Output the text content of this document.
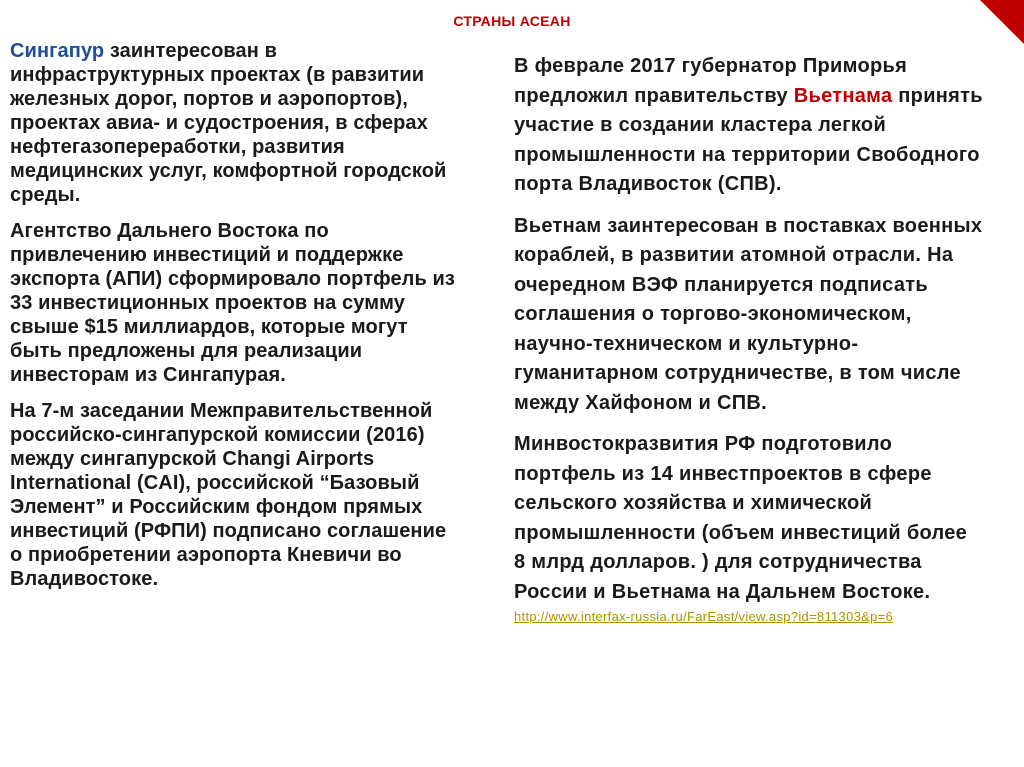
СТРАНЫ АСЕАН

Сингапур заинтересован в инфраструктурных проектах (в равзитии железных дорог, портов и аэропортов), проектах авиа- и судостроения, в сферах нефтегазопереработки, развития медицинских услуг, комфортной городской среды.

Агентство Дальнего Востока по привлечению инвестиций и поддержке экспорта (АПИ) сформировало портфель из 33 инвестиционных проектов на сумму свыше $15 миллиардов, которые могут быть предложены для реализации инвесторам из Сингапурая.

На 7-м заседании Межправительственной российско-сингапурской комиссии (2016) между сингапурской Changi Airports International (CAI), российской “Базовый Элемент” и Российским фондом прямых инвестиций (РФПИ) подписано соглашение о приобретении аэропорта Кневичи во Владивостоке.

В феврале 2017 губернатор Приморья предложил правительству Вьетнама принять участие в создании кластера легкой промышленности на территории Свободного порта Владивосток (СПВ).

Вьетнам заинтересован в поставках военных кораблей, в развитии атомной отрасли. На очередном ВЭФ планируется подписать соглашения о торгово-экономическом, научно-техническом и культурно-гуманитарном сотрудничестве, в том числе между Хайфоном и СПВ.

Минвостокразвития РФ подготовило портфель из 14 инвестпроектов в сфере сельского хозяйства и химической промышленности (объем инвестиций более 8 млрд долларов. ) для сотрудничества России и Вьетнама на Дальнем Востоке.
http://www.interfax-russia.ru/FarEast/view.asp?id=811303&p=6
